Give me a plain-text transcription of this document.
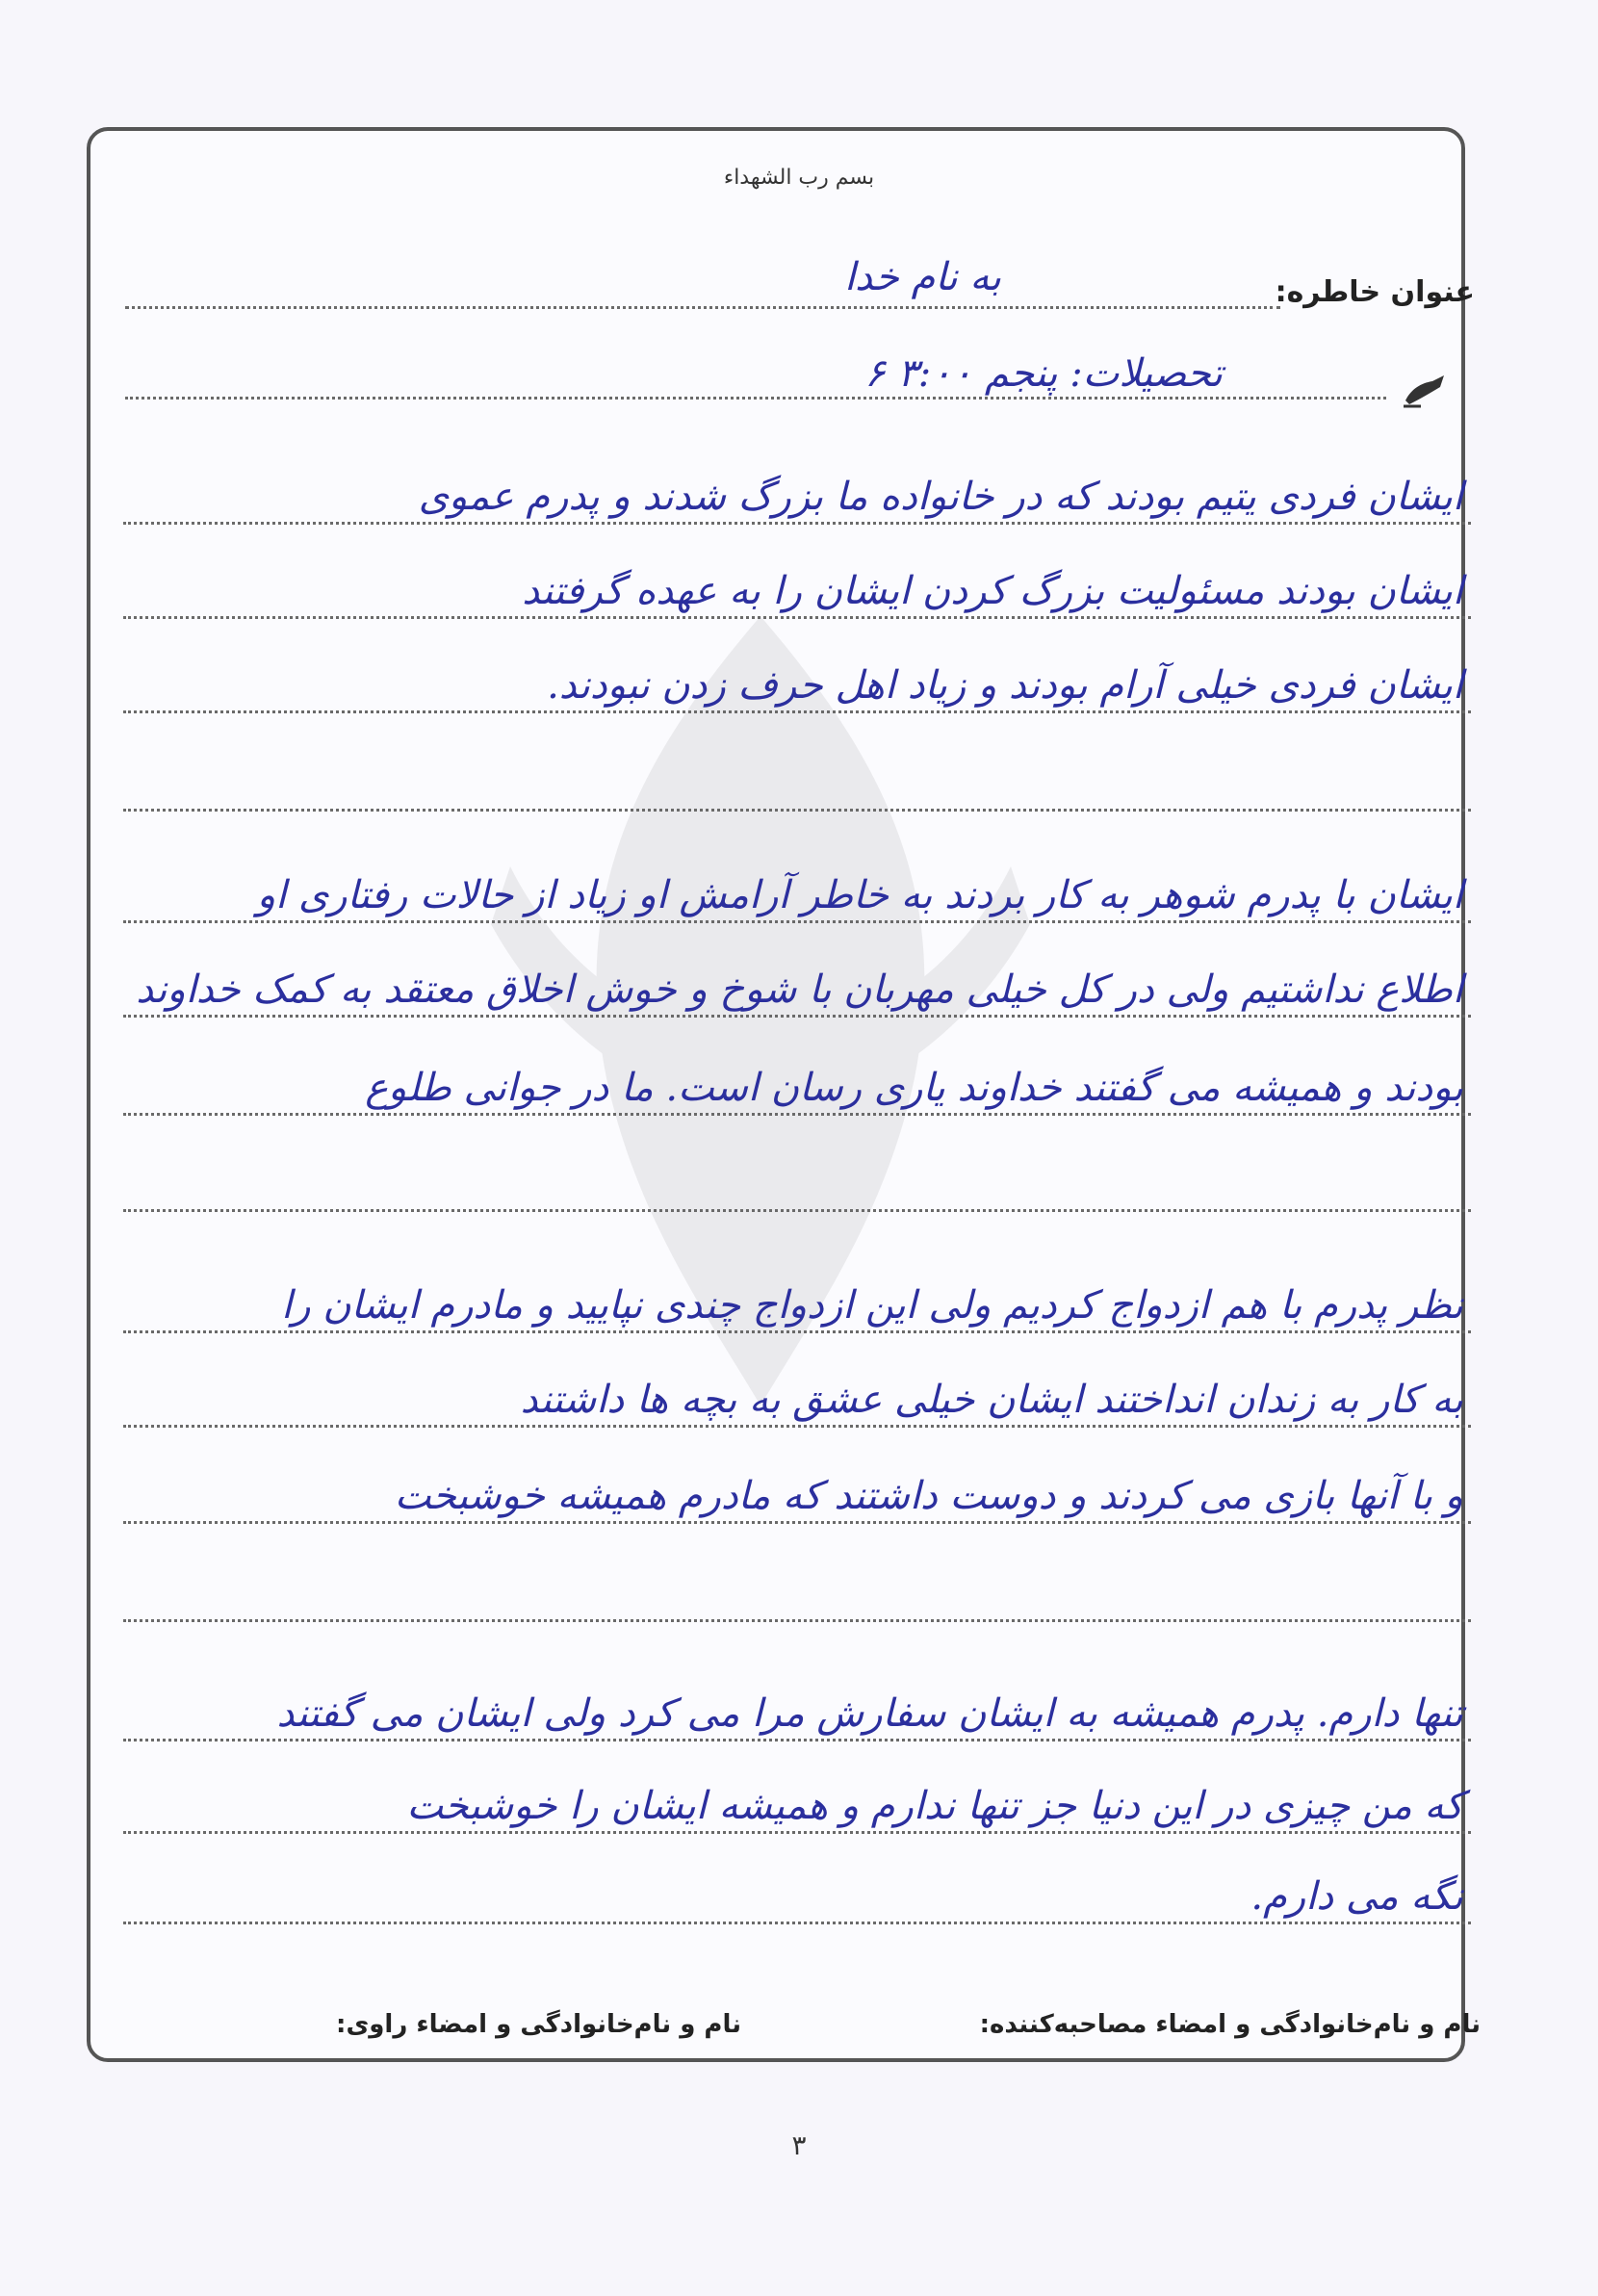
بسم رب الشهداء
عنوان خاطره:
به نام خدا
تحصیلات: پنجم ۳:۰۰ ۶
ایشان فردی یتیم بودند که در خانواده ما بزرگ شدند و پدرم عموی
ایشان بودند مسئولیت بزرگ کردن ایشان را به عهده گرفتند
ایشان فردی خیلی آرام بودند و زیاد اهل حرف زدن نبودند.
ایشان با پدرم شوهر به کار بردند به خاطر آرامش او زیاد از حالات رفتاری او
اطلاع نداشتیم ولی در کل خیلی مهربان با شوخ و خوش اخلاق معتقد به کمک خداوند
بودند و همیشه می گفتند خداوند یاری رسان است. ما در جوانی طلوع
نظر پدرم با هم ازدواج کردیم ولی این ازدواج چندی نپایید و مادرم ایشان را
به کار به زندان انداختند ایشان خیلی عشق به بچه ها داشتند
و با آنها بازی می کردند و دوست داشتند که مادرم همیشه خوشبخت
تنها دارم. پدرم همیشه به ایشان سفارش مرا می کرد ولی ایشان می گفتند
که من چیزی در این دنیا جز تنها ندارم و همیشه ایشان را خوشبخت
نگه می دارم.
نام و نام‌خانوادگی و امضاء مصاحبه‌کننده:
نام و نام‌خانوادگی و امضاء راوی:
۳
